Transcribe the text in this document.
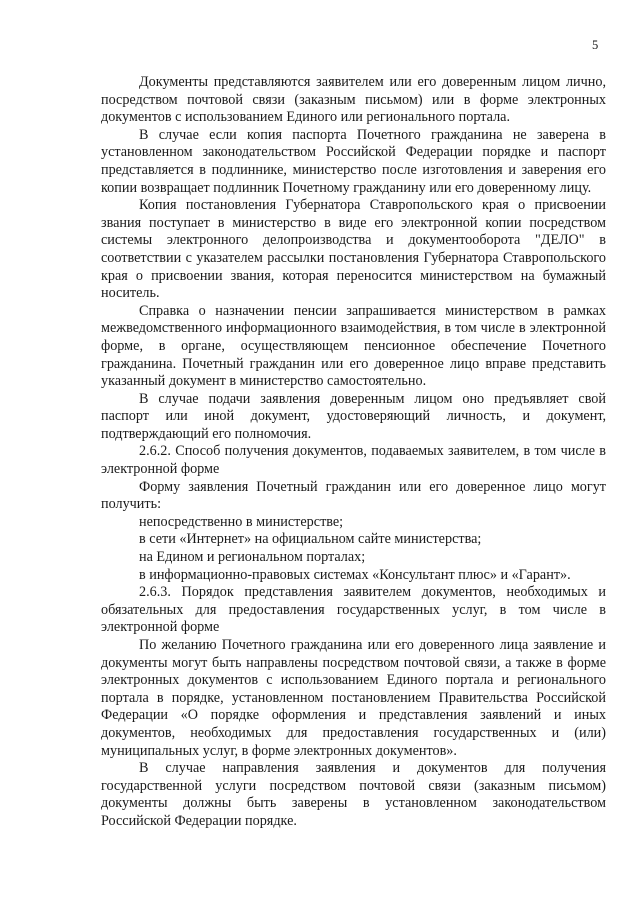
5

Документы представляются заявителем или его доверенным лицом лично, посредством почтовой связи (заказным письмом) или в форме электронных документов с использованием Единого или регионального портала.

В случае если копия паспорта Почетного гражданина не заверена в установленном законодательством Российской Федерации порядке и паспорт представляется в подлиннике, министерство после изготовления и заверения его копии возвращает подлинник Почетному гражданину или его доверенному лицу.

Копия постановления Губернатора Ставропольского края о присвоении звания поступает в министерство в виде его электронной копии посредством системы электронного делопроизводства и документооборота "ДЕЛО" в соответствии с указателем рассылки постановления Губернатора Ставропольского края о присвоении звания, которая переносится министерством на бумажный носитель.

Справка о назначении пенсии запрашивается министерством в рамках межведомственного информационного взаимодействия, в том числе в электронной форме, в органе, осуществляющем пенсионное обеспечение Почетного гражданина. Почетный гражданин или его доверенное лицо вправе представить указанный документ в министерство самостоятельно.

В случае подачи заявления доверенным лицом оно предъявляет свой паспорт или иной документ, удостоверяющий личность, и документ, подтверждающий его полномочия.

2.6.2. Способ получения документов, подаваемых заявителем, в том числе в электронной форме

Форму заявления Почетный гражданин или его доверенное лицо могут получить:

непосредственно в министерстве;

в сети «Интернет» на официальном сайте министерства;

на Едином и региональном порталах;

в информационно-правовых системах «Консультант плюс» и «Гарант».

2.6.3. Порядок представления заявителем документов, необходимых и обязательных для предоставления государственных услуг, в том числе в электронной форме

По желанию Почетного гражданина или его доверенного лица заявление и документы могут быть направлены посредством почтовой связи, а также в форме электронных документов с использованием Единого портала и регионального портала в порядке, установленном постановлением Правительства Российской Федерации «О порядке оформления и представления заявлений и иных документов, необходимых для предоставления государственных и (или) муниципальных услуг, в форме электронных документов».

В случае направления заявления и документов для получения государственной услуги посредством почтовой связи (заказным письмом) документы должны быть заверены в установленном законодательством Российской Федерации порядке.
